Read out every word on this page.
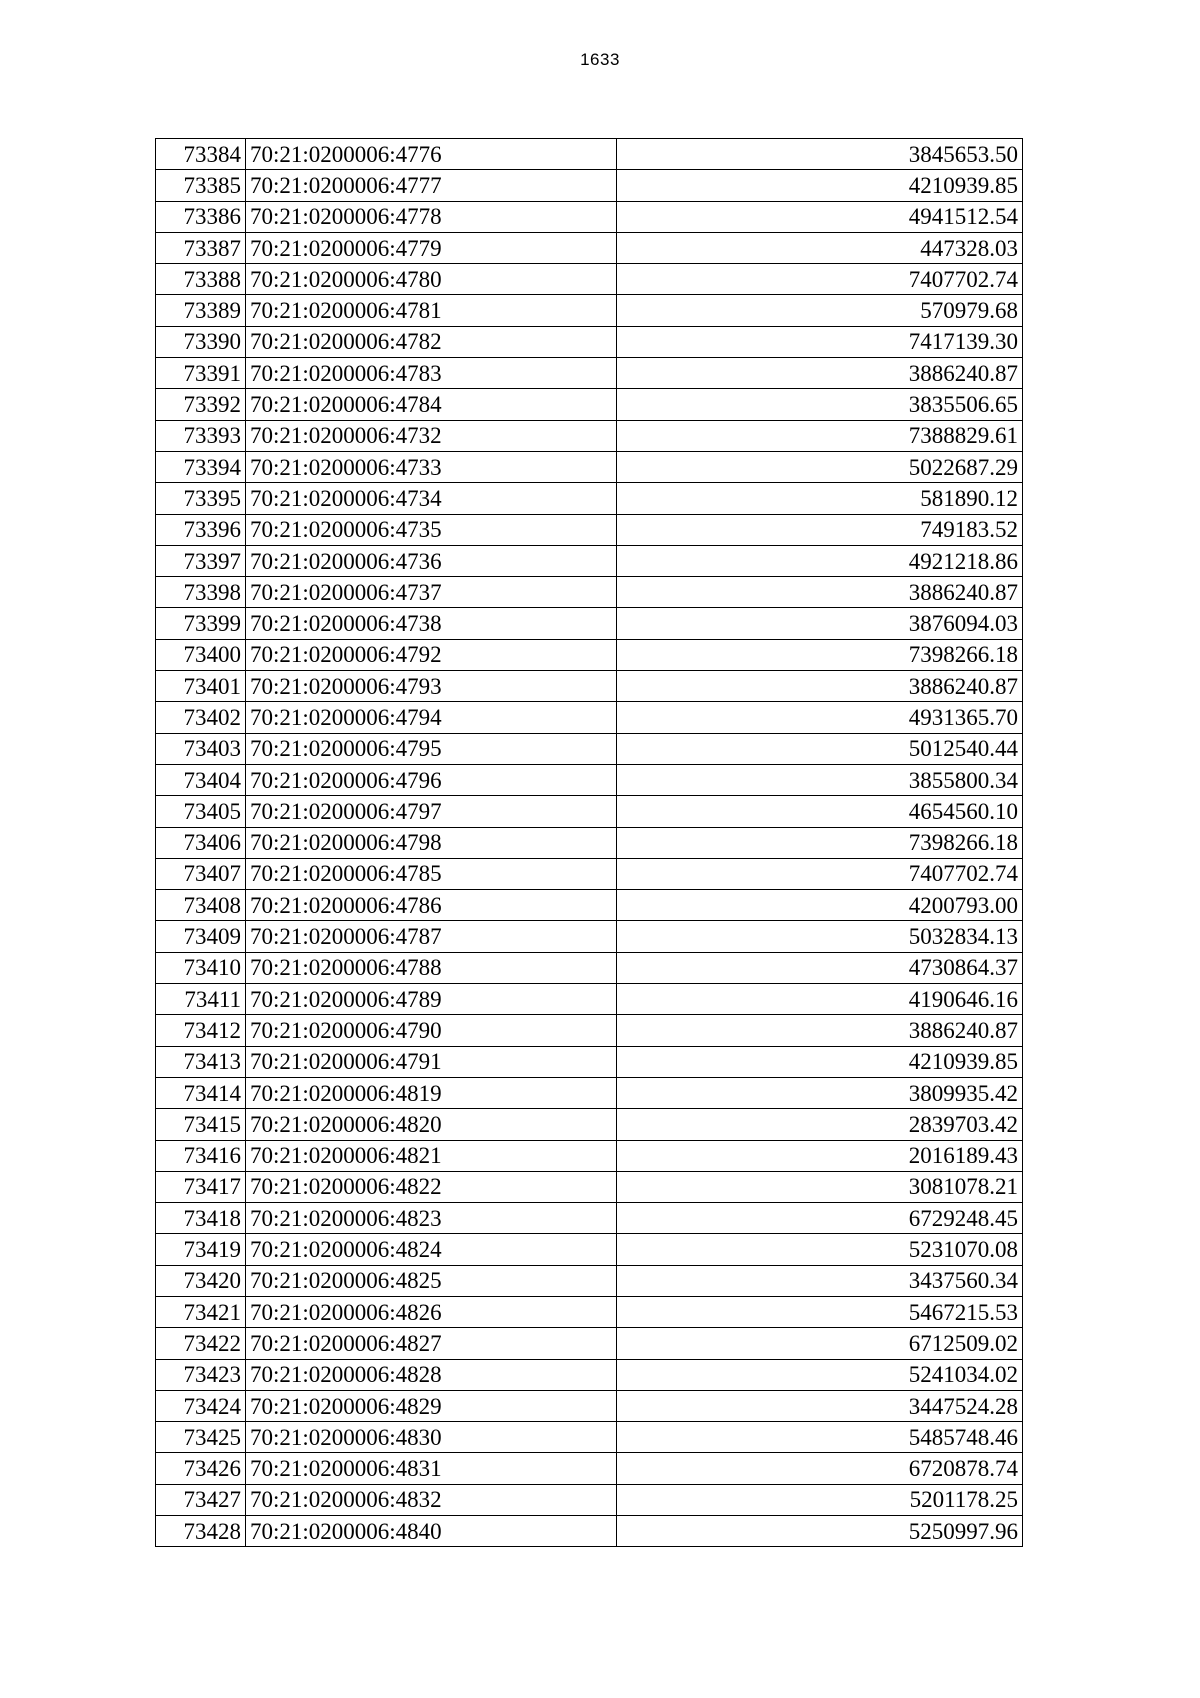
1633
73384	70:21:0200006:4776	3845653.50
73385	70:21:0200006:4777	4210939.85
73386	70:21:0200006:4778	4941512.54
73387	70:21:0200006:4779	447328.03
73388	70:21:0200006:4780	7407702.74
73389	70:21:0200006:4781	570979.68
73390	70:21:0200006:4782	7417139.30
73391	70:21:0200006:4783	3886240.87
73392	70:21:0200006:4784	3835506.65
73393	70:21:0200006:4732	7388829.61
73394	70:21:0200006:4733	5022687.29
73395	70:21:0200006:4734	581890.12
73396	70:21:0200006:4735	749183.52
73397	70:21:0200006:4736	4921218.86
73398	70:21:0200006:4737	3886240.87
73399	70:21:0200006:4738	3876094.03
73400	70:21:0200006:4792	7398266.18
73401	70:21:0200006:4793	3886240.87
73402	70:21:0200006:4794	4931365.70
73403	70:21:0200006:4795	5012540.44
73404	70:21:0200006:4796	3855800.34
73405	70:21:0200006:4797	4654560.10
73406	70:21:0200006:4798	7398266.18
73407	70:21:0200006:4785	7407702.74
73408	70:21:0200006:4786	4200793.00
73409	70:21:0200006:4787	5032834.13
73410	70:21:0200006:4788	4730864.37
73411	70:21:0200006:4789	4190646.16
73412	70:21:0200006:4790	3886240.87
73413	70:21:0200006:4791	4210939.85
73414	70:21:0200006:4819	3809935.42
73415	70:21:0200006:4820	2839703.42
73416	70:21:0200006:4821	2016189.43
73417	70:21:0200006:4822	3081078.21
73418	70:21:0200006:4823	6729248.45
73419	70:21:0200006:4824	5231070.08
73420	70:21:0200006:4825	3437560.34
73421	70:21:0200006:4826	5467215.53
73422	70:21:0200006:4827	6712509.02
73423	70:21:0200006:4828	5241034.02
73424	70:21:0200006:4829	3447524.28
73425	70:21:0200006:4830	5485748.46
73426	70:21:0200006:4831	6720878.74
73427	70:21:0200006:4832	5201178.25
73428	70:21:0200006:4840	5250997.96
